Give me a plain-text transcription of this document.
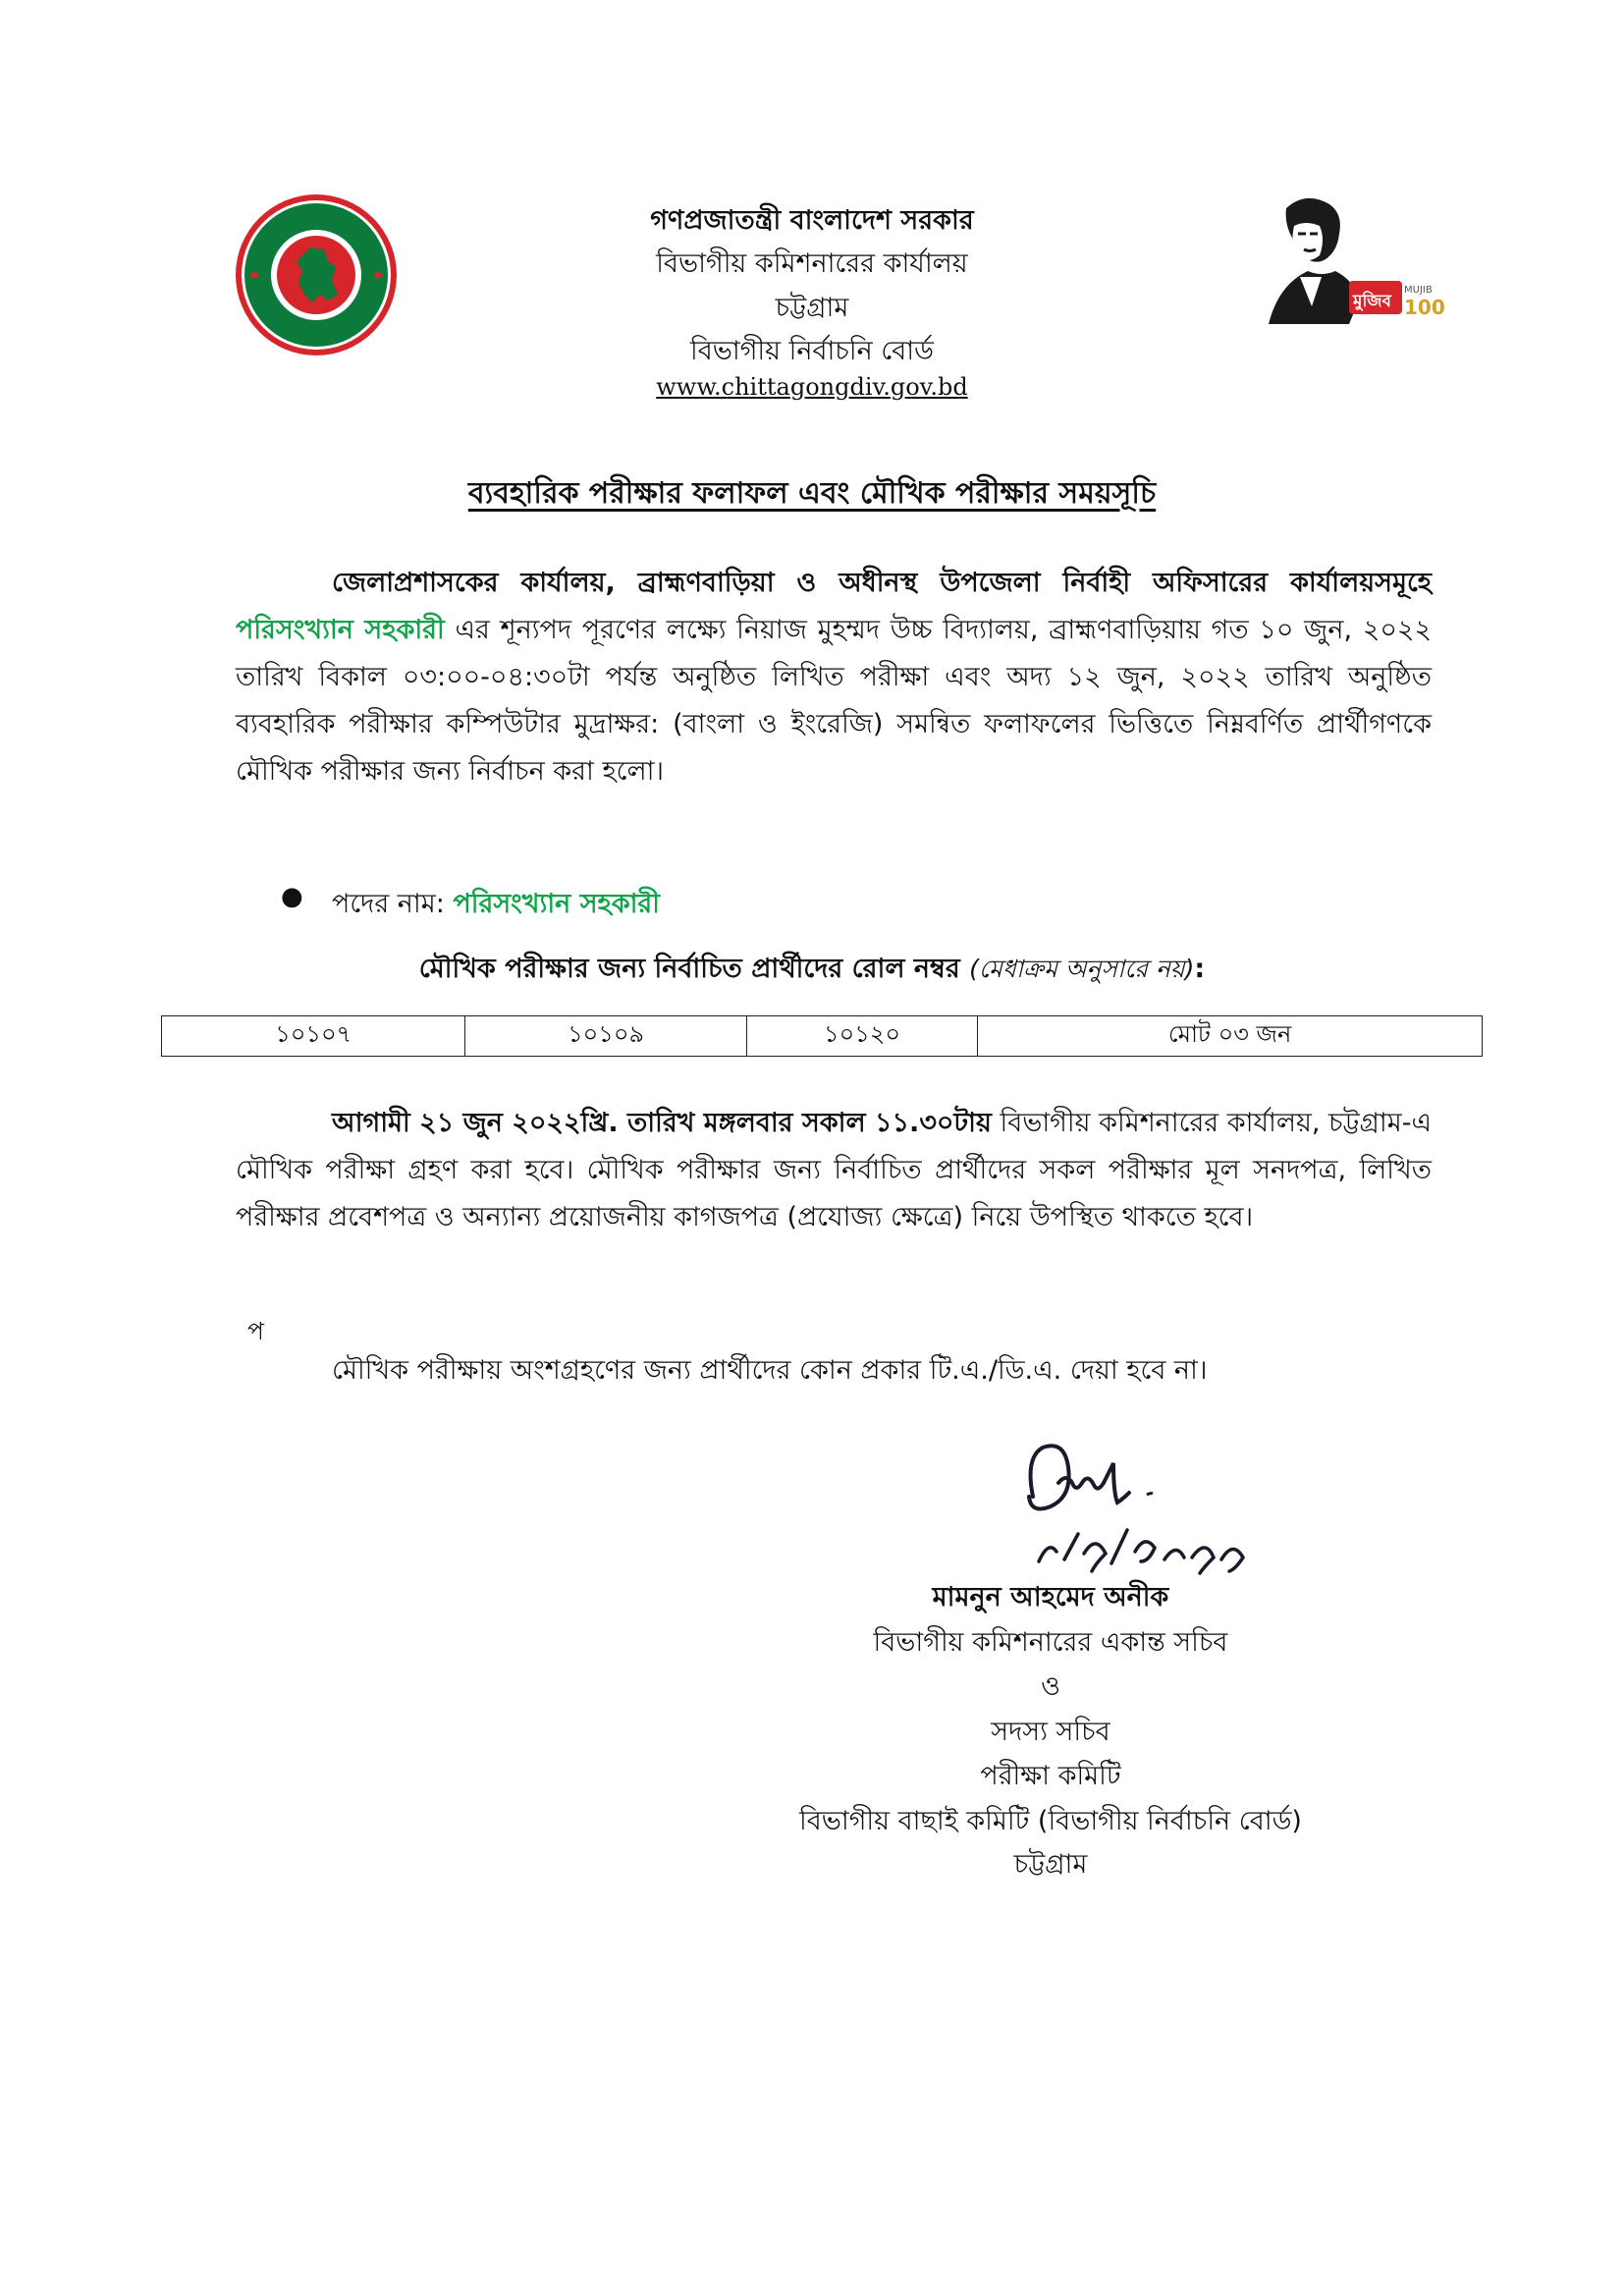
মুজিব
MUJIB
100
গণপ্রজাতন্ত্রী বাংলাদেশ সরকার
বিভাগীয় কমিশনারের কার্যালয়
চট্টগ্রাম
বিভাগীয় নির্বাচনি বোর্ড
www.chittagongdiv.gov.bd
ব্যবহারিক পরীক্ষার ফলাফল এবং মৌখিক পরীক্ষার সময়সূচি
জেলাপ্রশাসকের কার্যালয়, ব্রাহ্মণবাড়িয়া ও অধীনস্থ উপজেলা নির্বাহী অফিসারের কার্যালয়সমূহে পরিসংখ্যান সহকারী এর শূন্যপদ পূরণের লক্ষ্যে নিয়াজ মুহম্মদ উচ্চ বিদ্যালয়, ব্রাহ্মণবাড়িয়ায় গত ১০ জুন, ২০২২ তারিখ বিকাল ০৩:০০-০৪:৩০টা পর্যন্ত অনুষ্ঠিত লিখিত পরীক্ষা এবং অদ্য ১২ জুন, ২০২২ তারিখ অনুষ্ঠিত ব্যবহারিক পরীক্ষার কম্পিউটার মুদ্রাক্ষর: (বাংলা ও ইংরেজি) সমন্বিত ফলাফলের ভিত্তিতে নিম্নবর্ণিত প্রার্থীগণকে মৌখিক পরীক্ষার জন্য নির্বাচন করা হলো।
● পদের নাম: পরিসংখ্যান সহকারী
মৌখিক পরীক্ষার জন্য নির্বাচিত প্রার্থীদের রোল নম্বর (মেধাক্রম অনুসারে নয়):
১০১০৭	১০১০৯	১০১২০	মোট ০৩ জন
আগামী ২১ জুন ২০২২খ্রি. তারিখ মঙ্গলবার সকাল ১১.৩০টায় বিভাগীয় কমিশনারের কার্যালয়, চট্টগ্রাম-এ মৌখিক পরীক্ষা গ্রহণ করা হবে। মৌখিক পরীক্ষার জন্য নির্বাচিত প্রার্থীদের সকল পরীক্ষার মূল সনদপত্র, লিখিত পরীক্ষার প্রবেশপত্র ও অন্যান্য প্রয়োজনীয় কাগজপত্র (প্রযোজ্য ক্ষেত্রে) নিয়ে উপস্থিত থাকতে হবে।
প
মৌখিক পরীক্ষায় অংশগ্রহণের জন্য প্রার্থীদের কোন প্রকার টি.এ./ডি.এ. দেয়া হবে না।
মামনুন আহমেদ অনীক
বিভাগীয় কমিশনারের একান্ত সচিব
ও
সদস্য সচিব
পরীক্ষা কমিটি
বিভাগীয় বাছাই কমিটি (বিভাগীয় নির্বাচনি বোর্ড)
চট্টগ্রাম
